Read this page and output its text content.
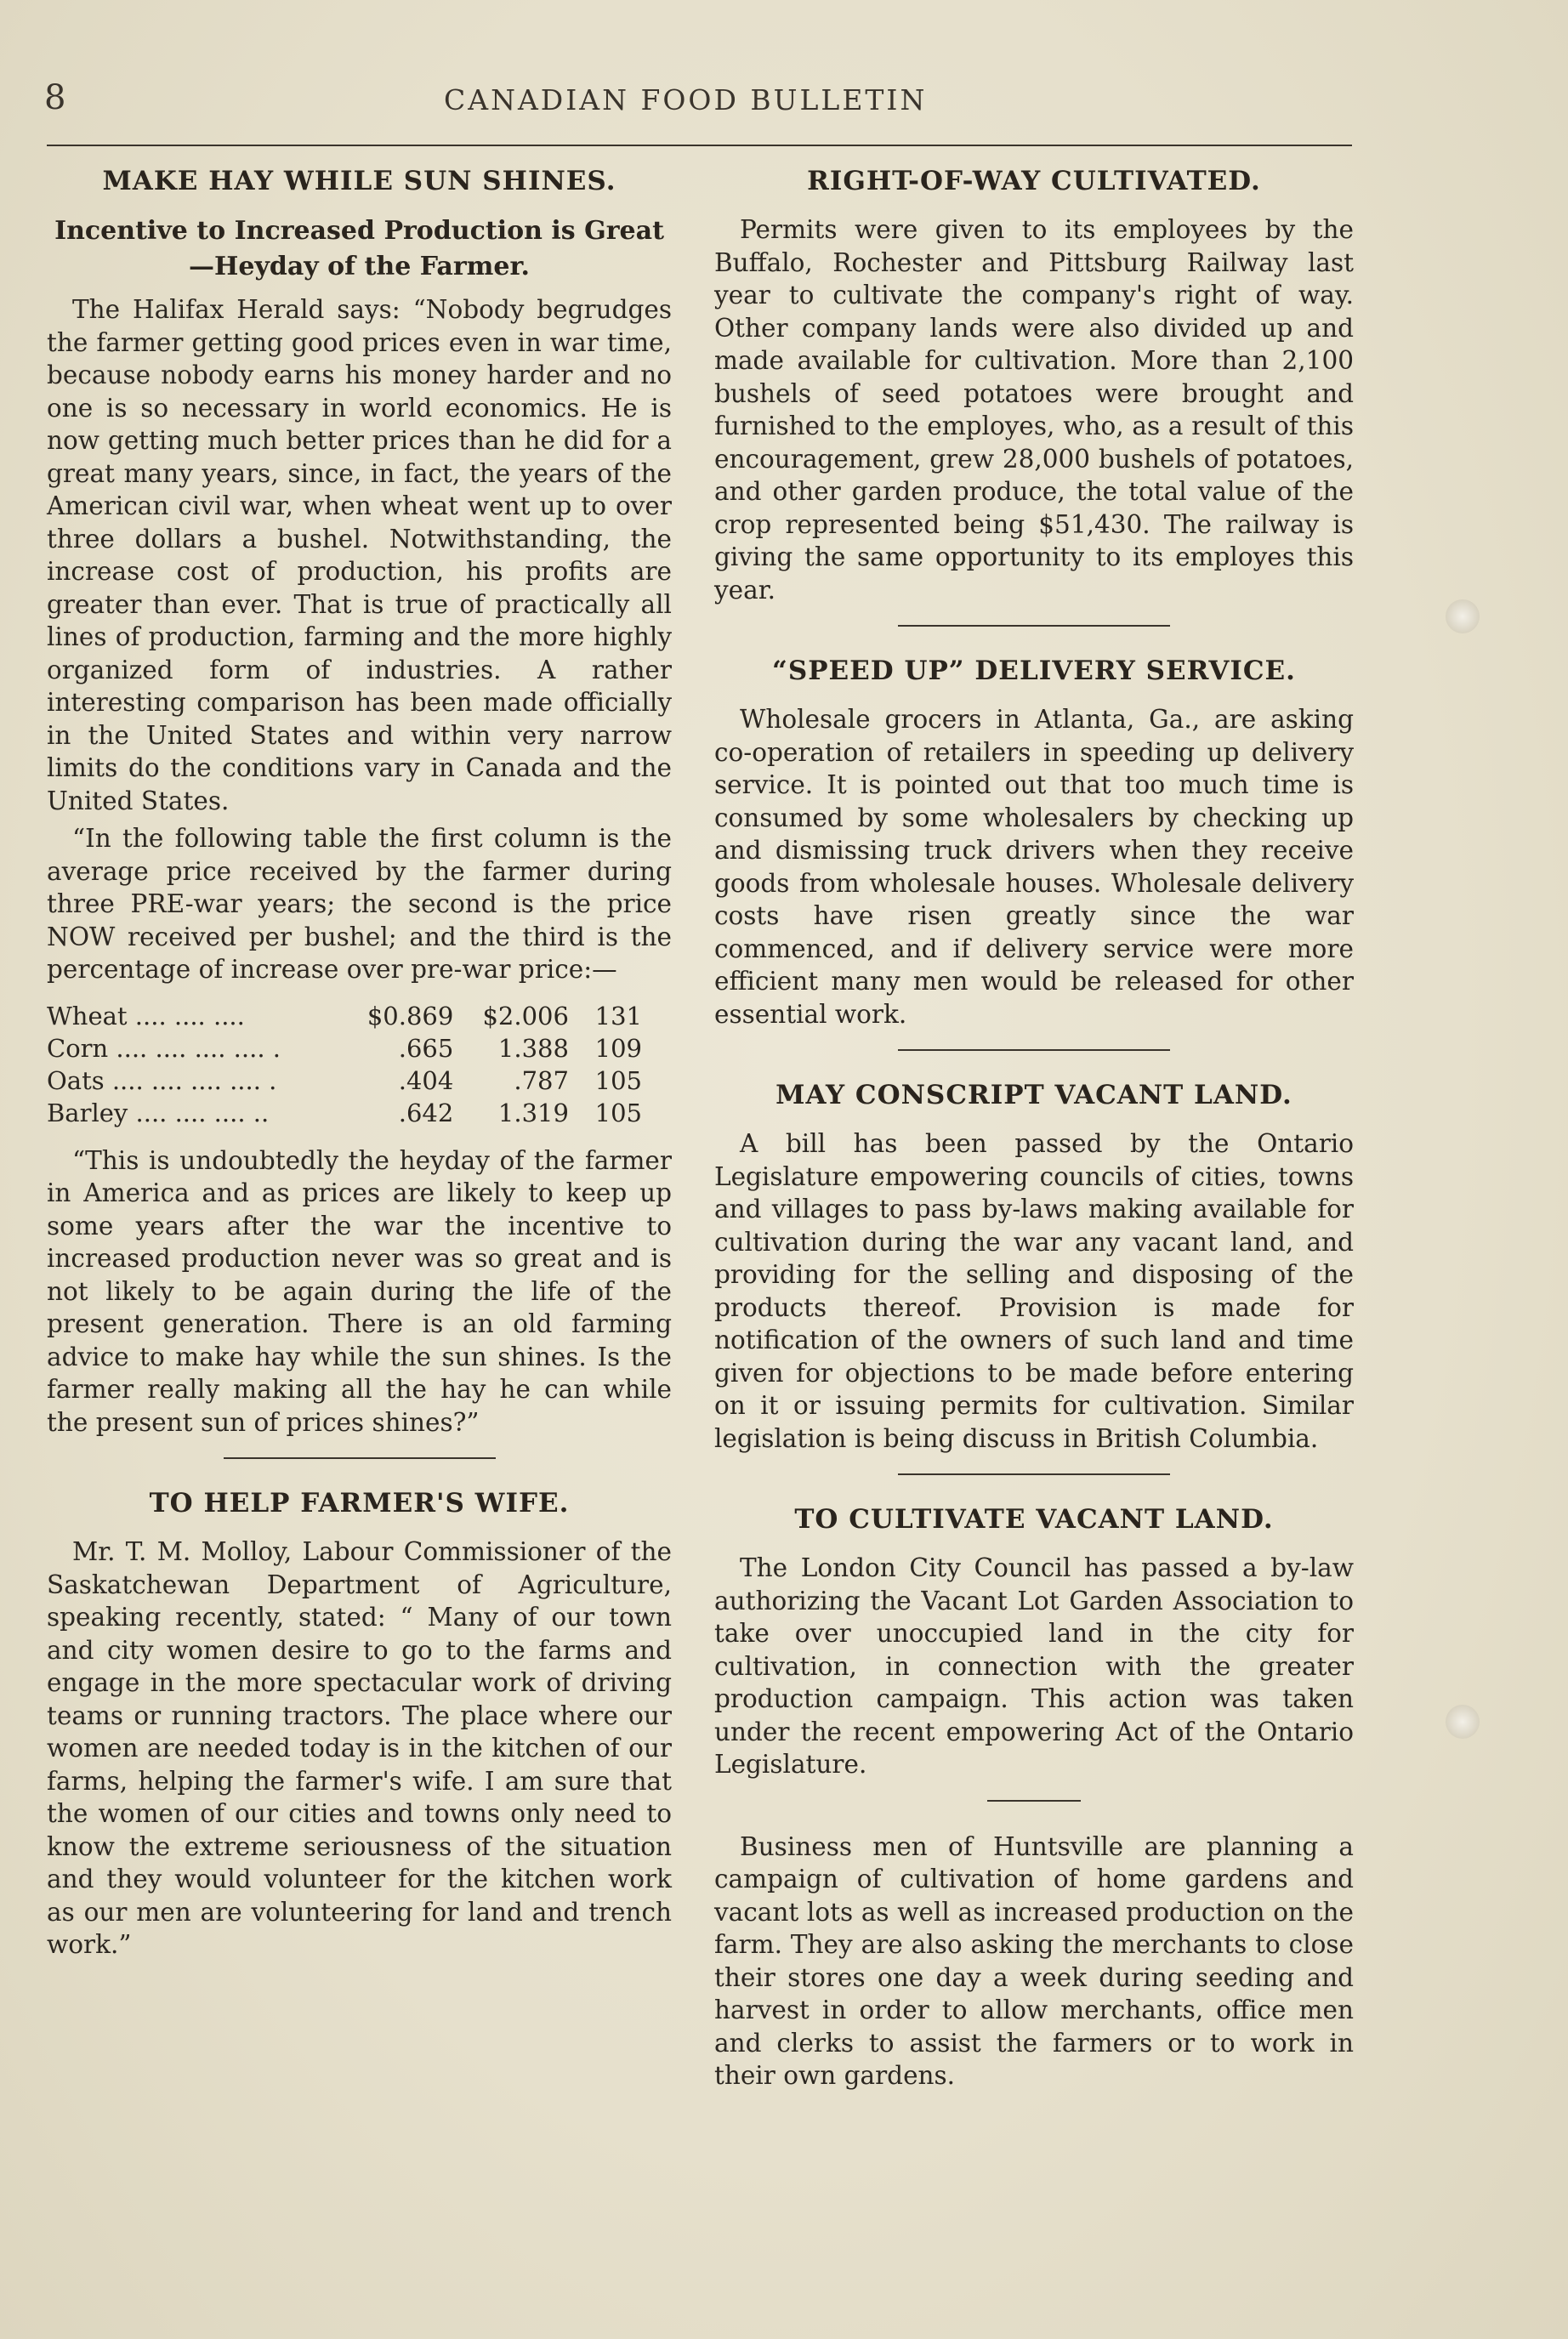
8	CANADIAN FOOD BULLETIN
MAKE HAY WHILE SUN SHINES.
Incentive to Increased Production is Great—Heyday of the Farmer.

The Halifax Herald says: “Nobody begrudges the farmer getting good prices even in war time, because nobody earns his money harder and no one is so necessary in world economics. He is now getting much better prices than he did for a great many years, since, in fact, the years of the American civil war, when wheat went up to over three dollars a bushel. Notwithstanding, the increase cost of production, his profits are greater than ever. That is true of practically all lines of production, farming and the more highly organized form of industries. A rather interesting comparison has been made officially in the United States and within very narrow limits do the conditions vary in Canada and the United States.

“In the following table the first column is the average price received by the farmer during three PRE-war years; the second is the price NOW received per bushel; and the third is the percentage of increase over pre-war price:—

Wheat .... .... ....	$0.869	$2.006	131
Corn .... .... .... .... .	.665	1.388	109
Oats .... .... .... .... .	.404	.787	105
Barley .... .... .... ..	.642	1.319	105

“This is undoubtedly the heyday of the farmer in America and as prices are likely to keep up some years after the war the incentive to increased production never was so great and is not likely to be again during the life of the present generation. There is an old farming advice to make hay while the sun shines. Is the farmer really making all the hay he can while the present sun of prices shines?”

TO HELP FARMER'S WIFE.

Mr. T. M. Molloy, Labour Commissioner of the Saskatchewan Department of Agriculture, speaking recently, stated: “ Many of our town and city women desire to go to the farms and engage in the more spectacular work of driving teams or running tractors. The place where our women are needed today is in the kitchen of our farms, helping the farmer's wife. I am sure that the women of our cities and towns only need to know the extreme seriousness of the situation and they would volunteer for the kitchen work as our men are volunteering for land and trench work.”

RIGHT-OF-WAY CULTIVATED.

Permits were given to its employees by the Buffalo, Rochester and Pittsburg Railway last year to cultivate the company's right of way. Other company lands were also divided up and made available for cultivation. More than 2,100 bushels of seed potatoes were brought and furnished to the employes, who, as a result of this encouragement, grew 28,000 bushels of potatoes, and other garden produce, the total value of the crop represented being $51,430. The railway is giving the same opportunity to its employes this year.

“SPEED UP” DELIVERY SERVICE.

Wholesale grocers in Atlanta, Ga., are asking co-operation of retailers in speeding up delivery service. It is pointed out that too much time is consumed by some wholesalers by checking up and dismissing truck drivers when they receive goods from wholesale houses. Wholesale delivery costs have risen greatly since the war commenced, and if delivery service were more efficient many men would be released for other essential work.

MAY CONSCRIPT VACANT LAND.

A bill has been passed by the Ontario Legislature empowering councils of cities, towns and villages to pass by-laws making available for cultivation during the war any vacant land, and providing for the selling and disposing of the products thereof. Provision is made for notification of the owners of such land and time given for objections to be made before entering on it or issuing permits for cultivation. Similar legislation is being discuss in British Columbia.

TO CULTIVATE VACANT LAND.

The London City Council has passed a by-law authorizing the Vacant Lot Garden Association to take over unoccupied land in the city for cultivation, in connection with the greater production campaign. This action was taken under the recent empowering Act of the Ontario Legislature.

Business men of Huntsville are planning a campaign of cultivation of home gardens and vacant lots as well as increased production on the farm. They are also asking the merchants to close their stores one day a week during seeding and harvest in order to allow merchants, office men and clerks to assist the farmers or to work in their own gardens.
